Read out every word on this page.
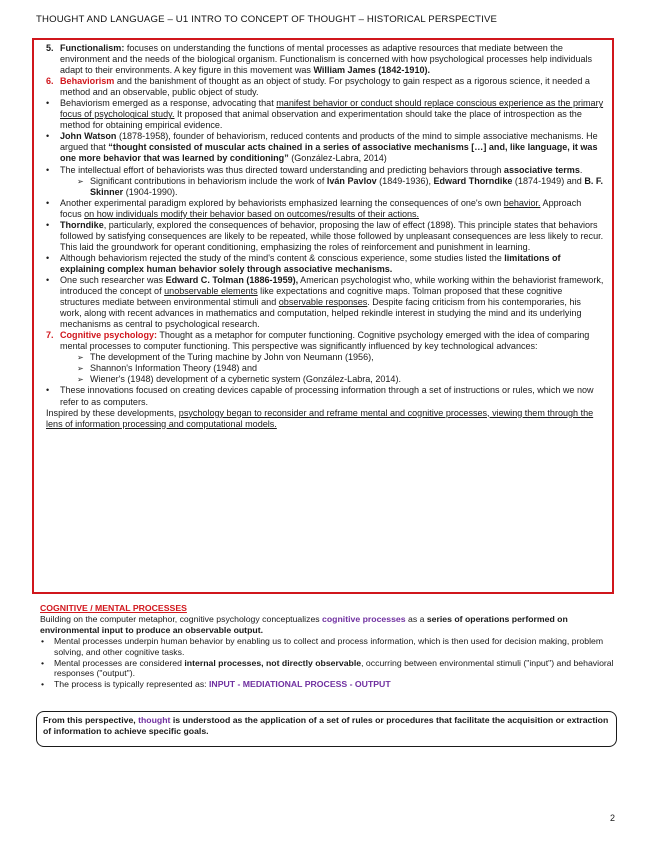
THOUGHT AND LANGUAGE – U1 INTRO TO CONCEPT OF THOUGHT – HISTORICAL PERSPECTIVE
5. Functionalism: focuses on understanding the functions of mental processes as adaptive resources that mediate between the environment and the needs of the biological organism. Functionalism is concerned with how psychological processes help individuals adapt to their environments. A key figure in this movement was William James (1842-1910).
6. Behaviorism and the banishment of thought as an object of study. For psychology to gain respect as a rigorous science, it needed a method and an observable, public object of study.
• Behaviorism emerged as a response, advocating that manifest behavior or conduct should replace conscious experience as the primary focus of psychological study. It proposed that animal observation and experimentation should take the place of introspection as the method for obtaining empirical evidence.
• John Watson (1878-1958), founder of behaviorism, reduced contents and products of the mind to simple associative mechanisms. He argued that “thought consisted of muscular acts chained in a series of associative mechanisms […] and, like language, it was one more behavior that was learned by conditioning” (González-Labra, 2014)
• The intellectual effort of behaviorists was thus directed toward understanding and predicting behaviors through associative terms.
➢ Significant contributions in behaviorism include the work of Iván Pavlov (1849-1936), Edward Thorndike (1874-1949) and B. F. Skinner (1904-1990).
• Another experimental paradigm explored by behaviorists emphasized learning the consequences of one's own behavior. Approach focus on how individuals modify their behavior based on outcomes/results of their actions.
• Thorndike, particularly, explored the consequences of behavior, proposing the law of effect (1898). This principle states that behaviors followed by satisfying consequences are likely to be repeated, while those followed by unpleasant consequences are less likely to recur. This laid the groundwork for operant conditioning, emphasizing the roles of reinforcement and punishment in learning.
• Although behaviorism rejected the study of the mind's content & conscious experience, some studies listed the limitations of explaining complex human behavior solely through associative mechanisms.
• One such researcher was Edward C. Tolman (1886-1959), American psychologist who, while working within the behaviorist framework, introduced the concept of unobservable elements like expectations and cognitive maps. Tolman proposed that these cognitive structures mediate between environmental stimuli and observable responses. Despite facing criticism from his contemporaries, his work, along with recent advances in mathematics and computation, helped rekindle interest in studying the mind and its underlying mechanisms as central to psychological research.
7. Cognitive psychology: Thought as a metaphor for computer functioning. Cognitive psychology emerged with the idea of comparing mental processes to computer functioning. This perspective was significantly influenced by key technological advances:
➢ The development of the Turing machine by John von Neumann (1956),
➢ Shannon's Information Theory (1948) and
➢ Wiener's (1948) development of a cybernetic system (González-Labra, 2014).
• These innovations focused on creating devices capable of processing information through a set of instructions or rules, which we now refer to as computers.
Inspired by these developments, psychology began to reconsider and reframe mental and cognitive processes, viewing them through the lens of information processing and computational models.
COGNITIVE / MENTAL PROCESSES
Building on the computer metaphor, cognitive psychology conceptualizes cognitive processes as a series of operations performed on environmental input to produce an observable output.
• Mental processes underpin human behavior by enabling us to collect and process information, which is then used for decision making, problem solving, and other cognitive tasks.
• Mental processes are considered internal processes, not directly observable, occurring between environmental stimuli ("input") and behavioral responses ("output").
• The process is typically represented as: INPUT - MEDIATIONAL PROCESS - OUTPUT
From this perspective, thought is understood as the application of a set of rules or procedures that facilitate the acquisition or extraction of information to achieve specific goals.
2
